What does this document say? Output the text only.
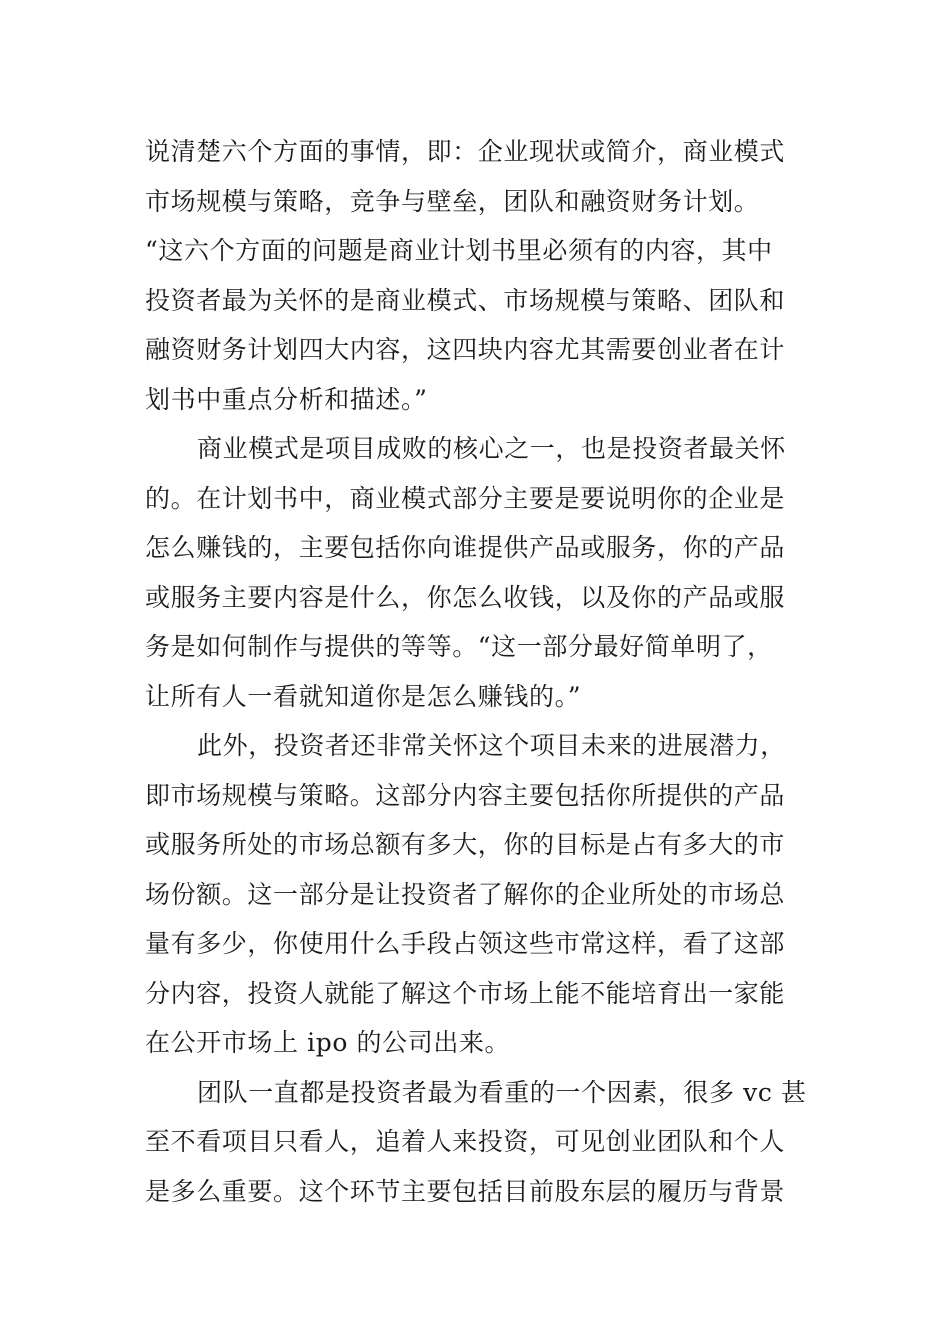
说清楚六个方面的事情，即：企业现状或简介，商业模式
市场规模与策略，竞争与壁垒，团队和融资财务计划。
“这六个方面的问题是商业计划书里必须有的内容，其中
投资者最为关怀的是商业模式、市场规模与策略、团队和
融资财务计划四大内容，这四块内容尤其需要创业者在计
划书中重点分析和描述。”
商业模式是项目成败的核心之一，也是投资者最关怀
的。在计划书中，商业模式部分主要是要说明你的企业是
怎么赚钱的，主要包括你向谁提供产品或服务，你的产品
或服务主要内容是什么，你怎么收钱，以及你的产品或服
务是如何制作与提供的等等。“这一部分最好简单明了，
让所有人一看就知道你是怎么赚钱的。”
此外，投资者还非常关怀这个项目未来的进展潜力，
即市场规模与策略。这部分内容主要包括你所提供的产品
或服务所处的市场总额有多大，你的目标是占有多大的市
场份额。这一部分是让投资者了解你的企业所处的市场总
量有多少，你使用什么手段占领这些市常这样，看了这部
分内容，投资人就能了解这个市场上能不能培育出一家能
在公开市场上 ipo 的公司出来。
团队一直都是投资者最为看重的一个因素，很多 vc 甚
至不看项目只看人，追着人来投资，可见创业团队和个人
是多么重要。这个环节主要包括目前股东层的履历与背景
